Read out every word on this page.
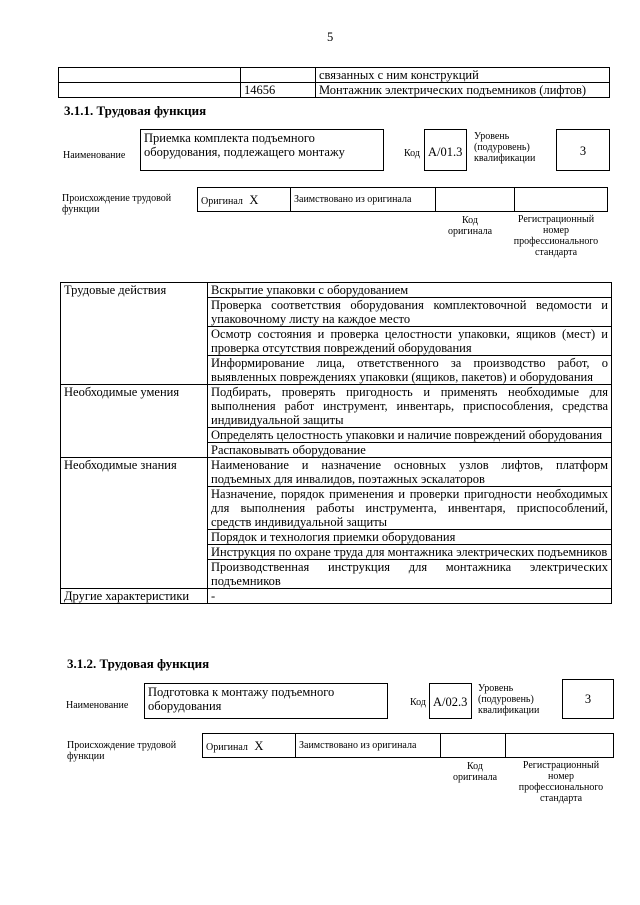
5
		связанных с ним конструкций
	14656	Монтажник электрических подъемников (лифтов)
3.1.1. Трудовая функция
Наименование
Приемка комплекта подъемного оборудования, подлежащего монтажу	Код A/01.3
Уровень (подуровень) квалификации
3
Происхождение трудовой функции
Оригинал X	Заимствовано из оригинала		
Код оригинала
Регистрационный номер профессионального стандарта
Трудовые действия	Вскрытие упаковки с оборудованием
	Проверка соответствия оборудования комплектовочной ведомости и упаковочному листу на каждое место
	Осмотр состояния и проверка целостности упаковки, ящиков (мест) и проверка отсутствия повреждений оборудования
	Информирование лица, ответственного за производство работ, о выявленных повреждениях упаковки (ящиков, пакетов) и оборудования
Необходимые умения	Подбирать, проверять пригодность и применять необходимые для выполнения работ инструмент, инвентарь, приспособления, средства индивидуальной защиты
	Определять целостность упаковки и наличие повреждений оборудования
	Распаковывать оборудование
Необходимые знания	Наименование и назначение основных узлов лифтов, платформ подъемных для инвалидов, поэтажных эскалаторов
	Назначение, порядок применения и проверки пригодности необходимых для выполнения работы инструмента, инвентаря, приспособлений, средств индивидуальной защиты
	Порядок и технология приемки оборудования
	Инструкция по охране труда для монтажника электрических подъемников
	Производственная инструкция для монтажника электрических подъемников
Другие характеристики	-
3.1.2. Трудовая функция
Наименование
Подготовка к монтажу подъемного оборудования	Код A/02.3
Уровень (подуровень) квалификации
3
Происхождение трудовой функции
Оригинал X	Заимствовано из оригинала		
Код оригинала
Регистрационный номер профессионального стандарта
